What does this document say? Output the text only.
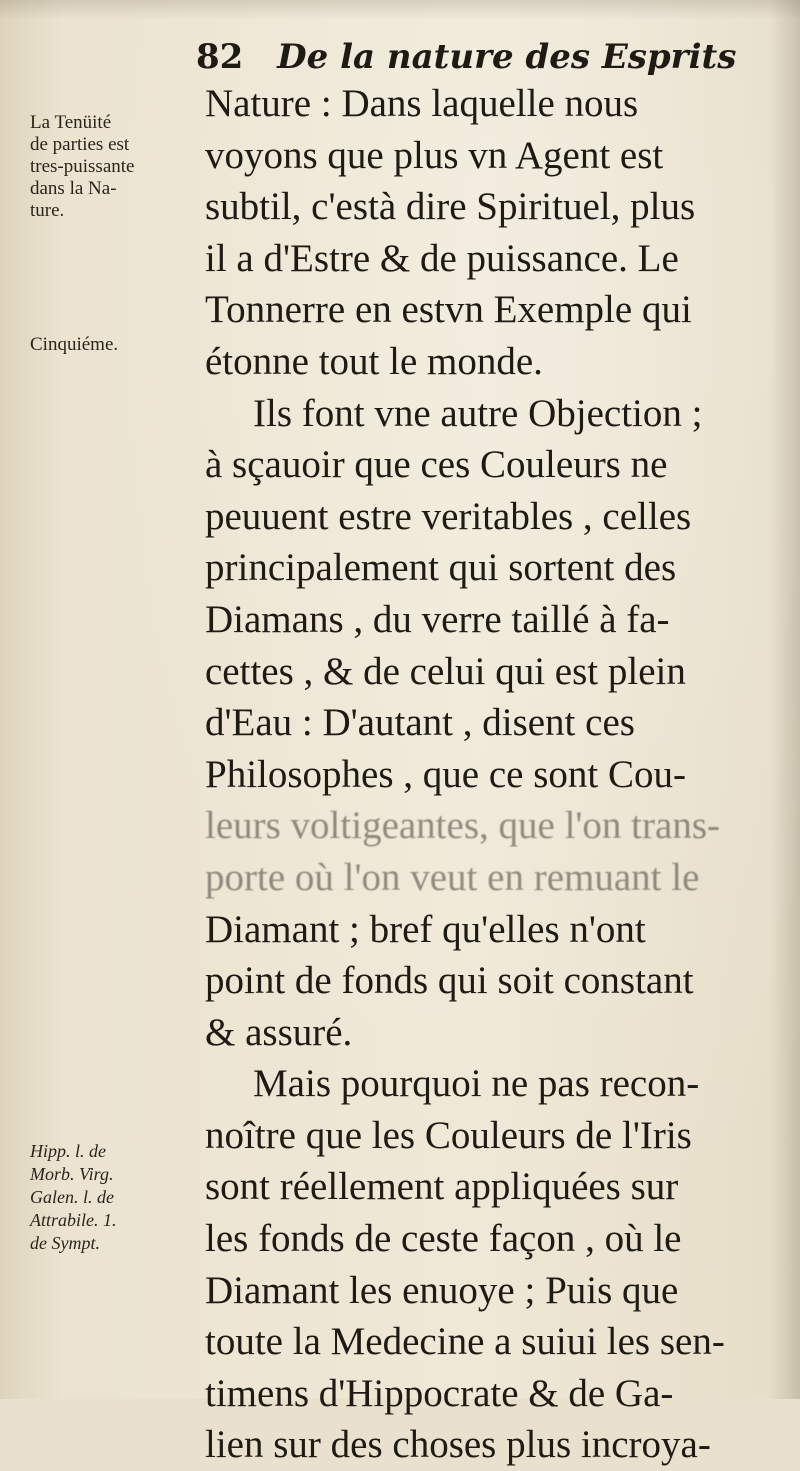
82 De la nature des Esprits
La Tenüité
de parties est
tres-puissante
dans la Na-
ture.
Cinquiéme.
Hipp. l. de
Morb. Virg.
Galen. l. de
Attrabile. 1.
de Sympt.
Nature : Dans laquelle nous
voyons que plus vn Agent est
subtil, c'està dire Spirituel, plus
il a d'Estre & de puissance. Le
Tonnerre en estvn Exemple qui
étonne tout le monde.
Ils font vne autre Objection ;
à sçauoir que ces Couleurs ne
peuuent estre veritables , celles
principalement qui sortent des
Diamans , du verre taillé à fa-
cettes , & de celui qui est plein
d'Eau : D'autant , disent ces
Philosophes , que ce sont Cou-
leurs voltigeantes, que l'on trans-
porte où l'on veut en remuant le
Diamant ; bref qu'elles n'ont
point de fonds qui soit constant
& assuré.
Mais pourquoi ne pas recon-
noître que les Couleurs de l'Iris
sont réellement appliquées sur
les fonds de ceste façon , où le
Diamant les enuoye ; Puis que
toute la Medecine a suiui les sen-
timens d'Hippocrate & de Ga-
lien sur des choses plus incroya-
